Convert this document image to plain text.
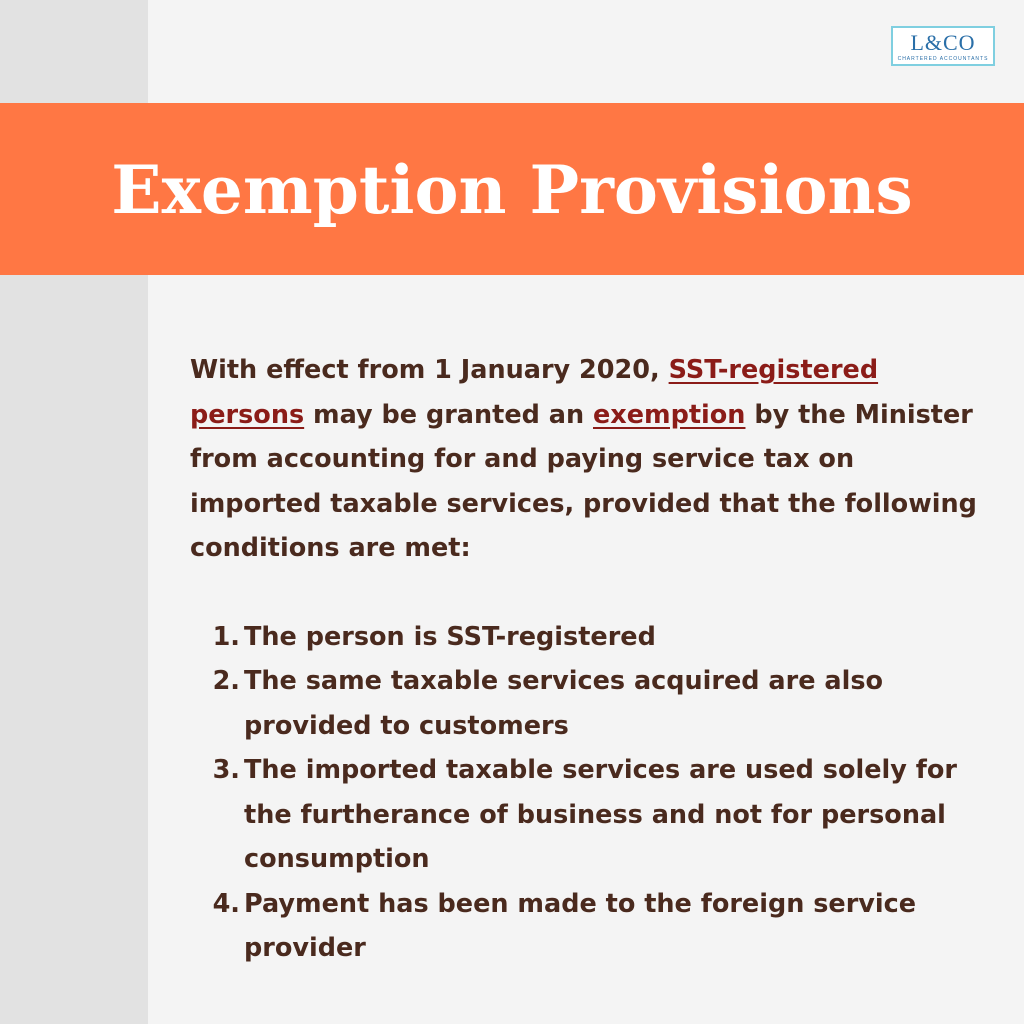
L&CO
CHARTERED ACCOUNTANTS
Exemption Provisions

With effect from 1 January 2020, SST-registered persons may be granted an exemption by the Minister from accounting for and paying service tax on imported taxable services, provided that the following conditions are met:

1. The person is SST-registered
2. The same taxable services acquired are also provided to customers
3. The imported taxable services are used solely for the furtherance of business and not for personal consumption
4. Payment has been made to the foreign service provider
